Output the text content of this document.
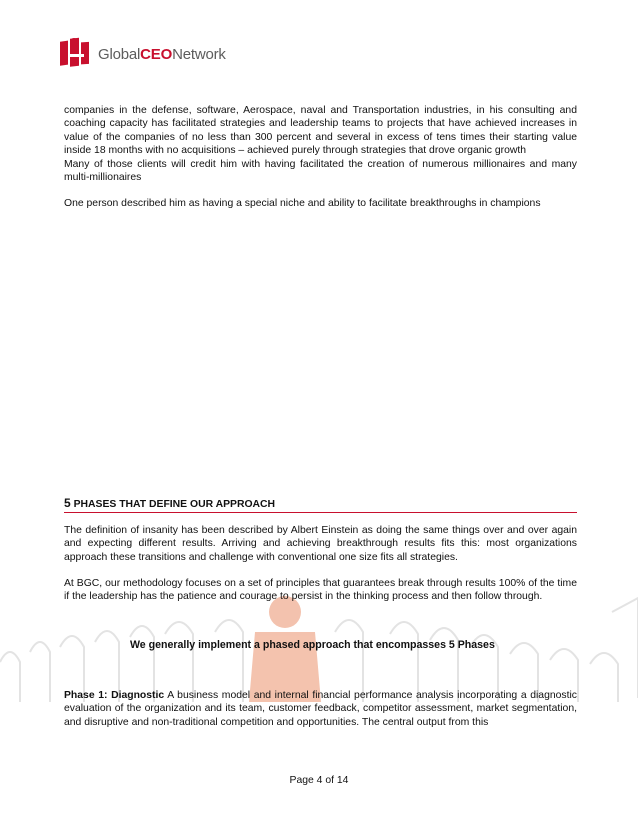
GlobalCEONetwork
companies in the defense, software, Aerospace, naval and Transportation industries, in his consulting and coaching capacity has facilitated strategies and leadership teams to projects that have achieved increases in value of the companies of no less than 300 percent and several in excess of tens times their starting value inside 18 months with no acquisitions – achieved purely through strategies that drove organic growth
Many of those clients will credit him with having facilitated the creation of numerous millionaires and many multi-millionaires
One person described him as having a special niche and ability to facilitate breakthroughs in champions
5 PHASES THAT DEFINE OUR APPROACH

The definition of insanity has been described by Albert Einstein as doing the same things over and over again and expecting different results. Arriving and achieving breakthrough results fits this: most organizations approach these transitions and challenge with conventional one size fits all strategies.

At BGC, our methodology focuses on a set of principles that guarantees break through results 100% of the time if the leadership has the patience and courage to persist in the thinking process and then follow through.

We generally implement a phased approach that encompasses 5 Phases

Phase 1: Diagnostic A business model and internal financial performance analysis incorporating a diagnostic evaluation of the organization and its team, customer feedback, competitor assessment, market segmentation, and disruptive and non-traditional competition and opportunities. The central output from this

Page 4 of 14
